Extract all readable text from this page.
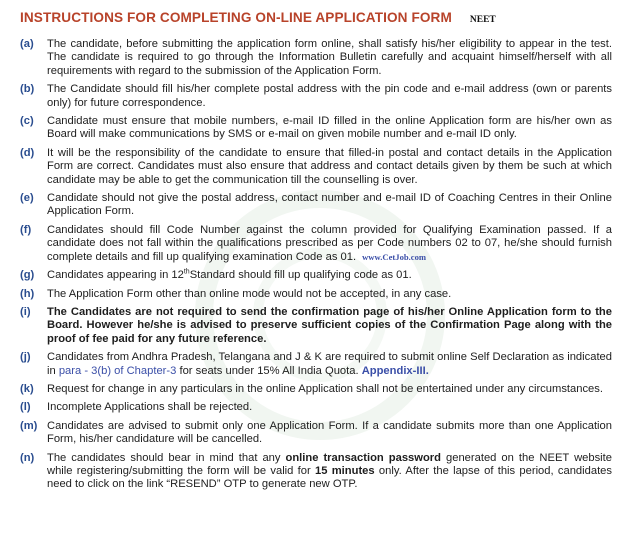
INSTRUCTIONS FOR COMPLETING ON-LINE APPLICATION FORM NEET
(a)	The candidate, before submitting the application form online, shall satisfy his/her eligibility to appear in the test. The candidate is required to go through the Information Bulletin carefully and acquaint himself/herself with all requirements with regard to the submission of the Application Form.
(b)	The Candidate should fill his/her complete postal address with the pin code and e-mail address (own or parents only) for future correspondence.
(c)	Candidate must ensure that mobile numbers, e-mail ID filled in the online Application form are his/her own as Board will make communications by SMS or e-mail on given mobile number and e-mail ID only.
(d)	It will be the responsibility of the candidate to ensure that filled-in postal and contact details in the Application Form are correct. Candidates must also ensure that address and contact details given by them be such at which candidate may be able to get the communication till the counselling is over.
(e)	Candidate should not give the postal address, contact number and e-mail ID of Coaching Centres in their Online Application Form.
(f)	Candidates should fill Code Number against the column provided for Qualifying Examination passed. If a candidate does not fall within the qualifications prescribed as per Code numbers 02 to 07, he/she should furnish complete details and fill up qualifying examination Code as 01. www.CetJob.com
(g)	Candidates appearing in 12thStandard should fill up qualifying code as 01.
(h)	The Application Form other than online mode would not be accepted, in any case.
(i)	The Candidates are not required to send the confirmation page of his/her Online Application form to the Board. However he/she is advised to preserve sufficient copies of the Confirmation Page along with the proof of fee paid for any future reference.
(j)	Candidates from Andhra Pradesh, Telangana and J & K are required to submit online Self Declaration as indicated in para - 3(b) of Chapter-3 for seats under 15% All India Quota. Appendix-III.
(k)	Request for change in any particulars in the online Application shall not be entertained under any circumstances.
(l)	Incomplete Applications shall be rejected.
(m) Candidates are advised to submit only one Application Form. If a candidate submits more than one Application Form, his/her candidature will be cancelled.
(n)	The candidates should bear in mind that any online transaction password generated on the NEET website while registering/submitting the form will be valid for 15 minutes only. After the lapse of this period, candidates need to click on the link “RESEND” OTP to generate new OTP.
